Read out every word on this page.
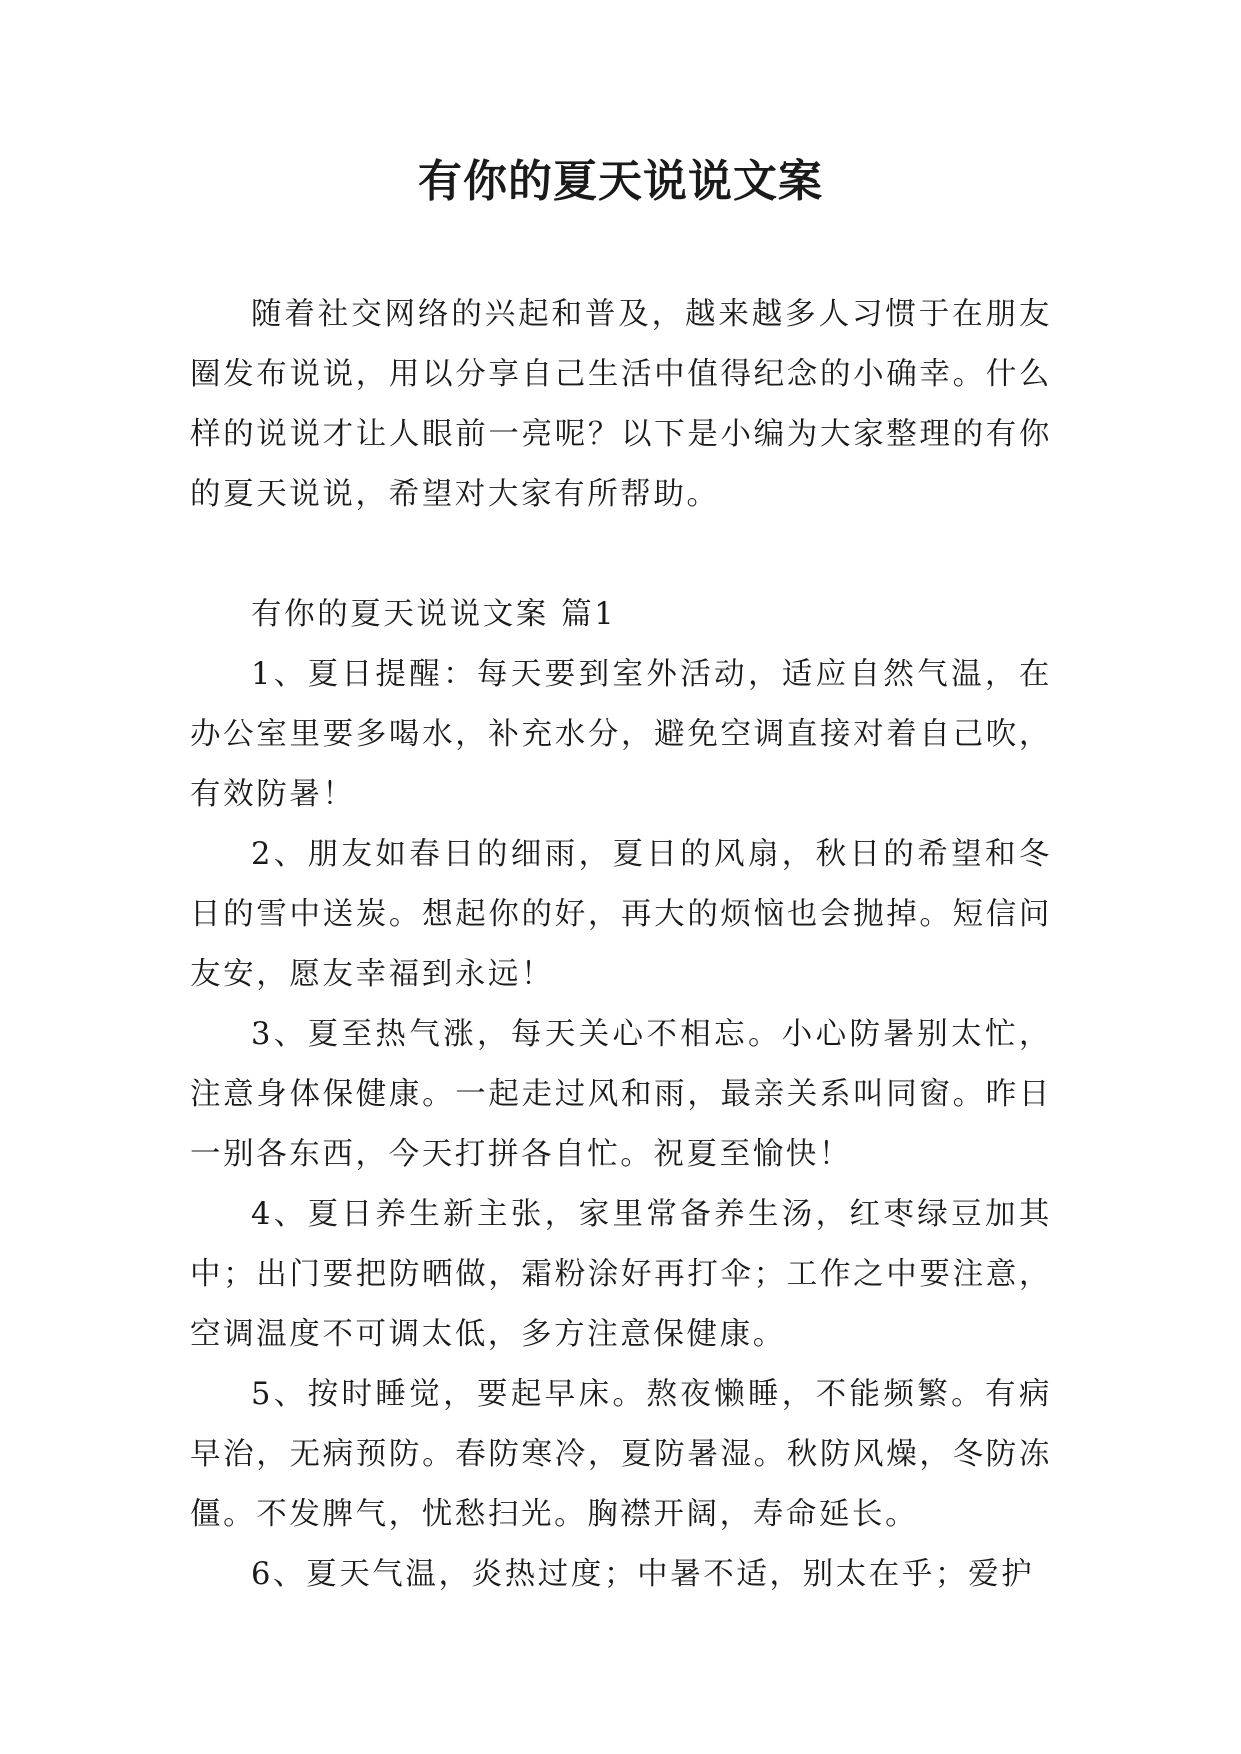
有你的夏天说说文案

随着社交网络的兴起和普及，越来越多人习惯于在朋友圈发布说说，用以分享自己生活中值得纪念的小确幸。什么样的说说才让人眼前一亮呢？以下是小编为大家整理的有你的夏天说说，希望对大家有所帮助。

有你的夏天说说文案 篇1

1、夏日提醒：每天要到室外活动，适应自然气温，在办公室里要多喝水，补充水分，避免空调直接对着自己吹，有效防暑！

2、朋友如春日的细雨，夏日的风扇，秋日的希望和冬日的雪中送炭。想起你的好，再大的烦恼也会抛掉。短信问友安，愿友幸福到永远！

3、夏至热气涨，每天关心不相忘。小心防暑别太忙，注意身体保健康。一起走过风和雨，最亲关系叫同窗。昨日一别各东西，今天打拼各自忙。祝夏至愉快！

4、夏日养生新主张，家里常备养生汤，红枣绿豆加其中；出门要把防晒做，霜粉涂好再打伞；工作之中要注意，空调温度不可调太低，多方注意保健康。

5、按时睡觉，要起早床。熬夜懒睡，不能频繁。有病早治，无病预防。春防寒冷，夏防暑湿。秋防风燥，冬防冻僵。不发脾气，忧愁扫光。胸襟开阔，寿命延长。

6、夏天气温，炎热过度；中暑不适，别太在乎；爱护
